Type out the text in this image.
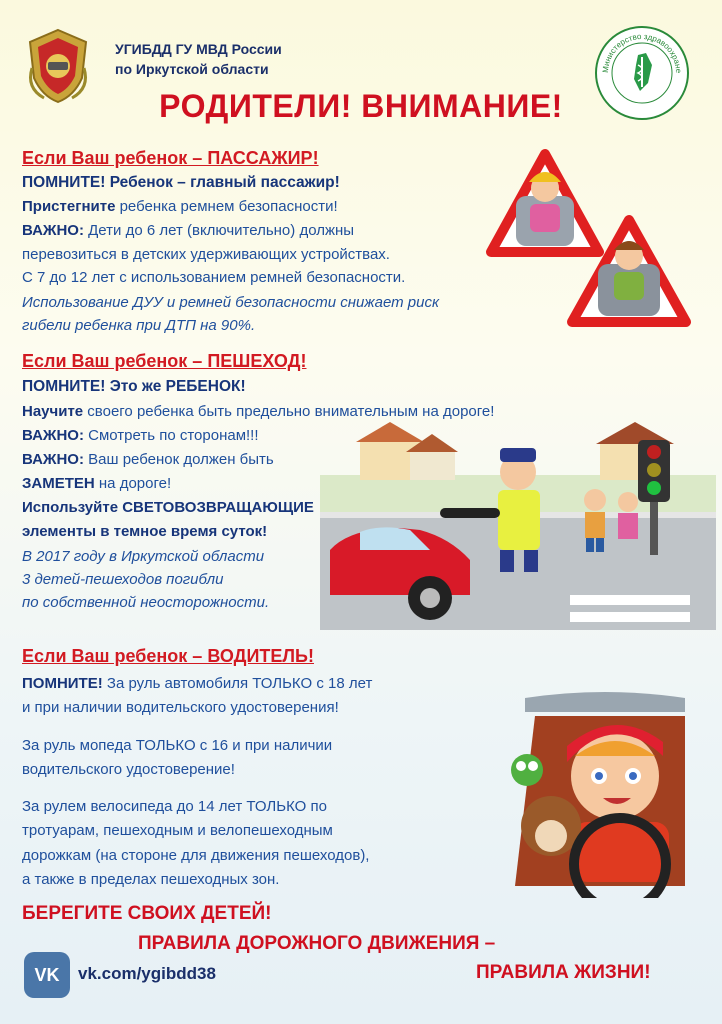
УГИБДД ГУ МВД России
по Иркутской области	Министерство здравоохране
РОДИТЕЛИ! ВНИМАНИЕ!
Если Ваш ребенок – ПАССАЖИР!
ПОМНИТЕ! Ребенок – главный пассажир!
Пристегните ребенка ремнем безопасности!
ВАЖНО: Дети до 6 лет (включительно) должны
перевозиться в детских удерживающих устройствах.
С 7 до 12 лет с использованием ремней безопасности.
Использование ДУУ и ремней безопасности снижает риск
гибели ребенка при ДТП на 90%.
Если Ваш ребенок – ПЕШЕХОД!
ПОМНИТЕ! Это же РЕБЕНОК!
Научите своего ребенка быть предельно внимательным на дороге!
ВАЖНО: Смотреть по сторонам!!!
ВАЖНО: Ваш ребенок должен быть
ЗАМЕТЕН на дороге!
Используйте СВЕТОВОЗВРАЩАЮЩИЕ
элементы в темное время суток!
В 2017 году в Иркутской области
3 детей-пешеходов погибли
по собственной неосторожности.
Если Ваш ребенок – ВОДИТЕЛЬ!
ПОМНИТЕ! За руль автомобиля ТОЛЬКО с 18 лет
и при наличии водительского удостоверения!
За руль мопеда ТОЛЬКО с 16 и при наличии
водительского удостоверение!
За рулем велосипеда до 14 лет ТОЛЬКО по
тротуарам, пешеходным и велопешеходным
дорожкам (на стороне для движения пешеходов),
а также в пределах пешеходных зон.
БЕРЕГИТЕ СВОИХ ДЕТЕЙ!
ПРАВИЛА ДОРОЖНОГО ДВИЖЕНИЯ –
ПРАВИЛА ЖИЗНИ!
VK	vk.com/ygibdd38
